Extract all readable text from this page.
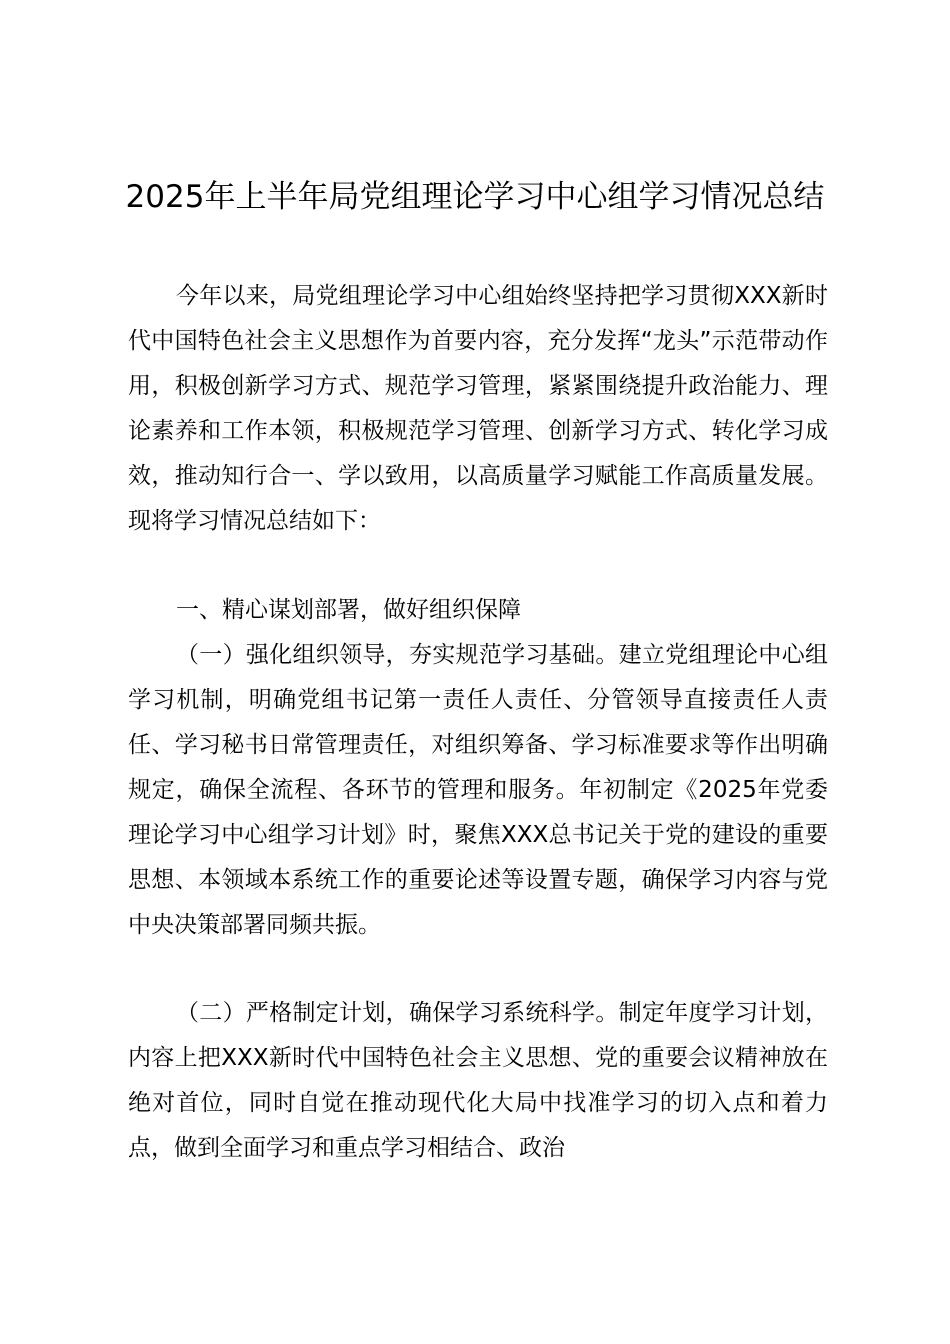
2025年上半年局党组理论学习中心组学习情况总结

今年以来，局党组理论学习中心组始终坚持把学习贯彻XXX新时代中国特色社会主义思想作为首要内容，充分发挥“龙头”示范带动作用，积极创新学习方式、规范学习管理，紧紧围绕提升政治能力、理论素养和工作本领，积极规范学习管理、创新学习方式、转化学习成效，推动知行合一、学以致用，以高质量学习赋能工作高质量发展。现将学习情况总结如下：

一、精心谋划部署，做好组织保障

（一）强化组织领导，夯实规范学习基础。建立党组理论中心组学习机制，明确党组书记第一责任人责任、分管领导直接责任人责任、学习秘书日常管理责任，对组织筹备、学习标准要求等作出明确规定，确保全流程、各环节的管理和服务。年初制定《2025年党委理论学习中心组学习计划》时，聚焦XXX总书记关于党的建设的重要思想、本领域本系统工作的重要论述等设置专题，确保学习内容与党中央决策部署同频共振。

（二）严格制定计划，确保学习系统科学。制定年度学习计划，内容上把XXX新时代中国特色社会主义思想、党的重要会议精神放在绝对首位，同时自觉在推动现代化大局中找准学习的切入点和着力点，做到全面学习和重点学习相结合、政治
